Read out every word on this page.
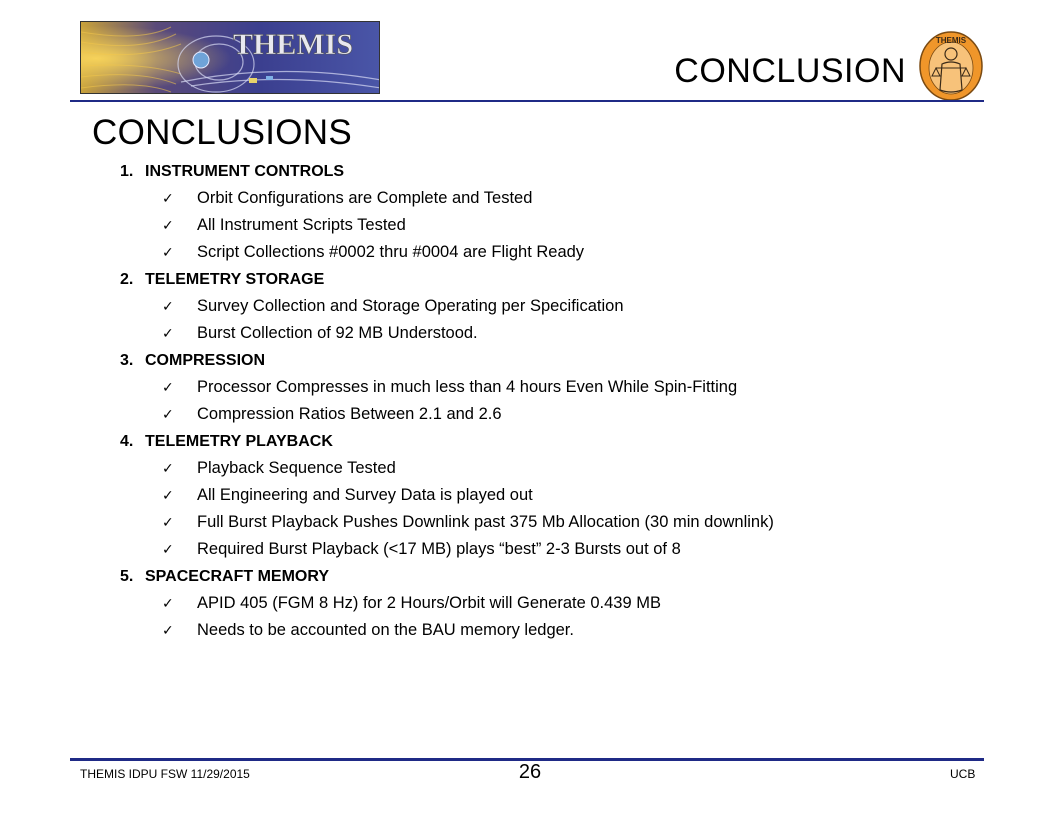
THEMIS
CONCLUSION
THEMIS
CONCLUSIONS
1. INSTRUMENT CONTROLS
✓ Orbit Configurations are Complete and Tested
✓ All Instrument Scripts Tested
✓ Script Collections #0002 thru #0004 are Flight Ready
2. TELEMETRY STORAGE
✓ Survey Collection and Storage Operating per Specification
✓ Burst Collection of 92 MB Understood.
3. COMPRESSION
✓ Processor Compresses in much less than 4 hours Even While Spin-Fitting
✓ Compression Ratios Between 2.1 and 2.6
4. TELEMETRY PLAYBACK
✓ Playback Sequence Tested
✓ All Engineering and Survey Data is played out
✓ Full Burst Playback Pushes Downlink past 375 Mb Allocation (30 min downlink)
✓ Required Burst Playback (<17 MB) plays “best” 2-3 Bursts out of 8
5. SPACECRAFT MEMORY
✓ APID 405 (FGM 8 Hz) for 2 Hours/Orbit will Generate 0.439 MB
✓ Needs to be accounted on the BAU memory ledger.
THEMIS IDPU FSW 11/29/2015	26	UCB
